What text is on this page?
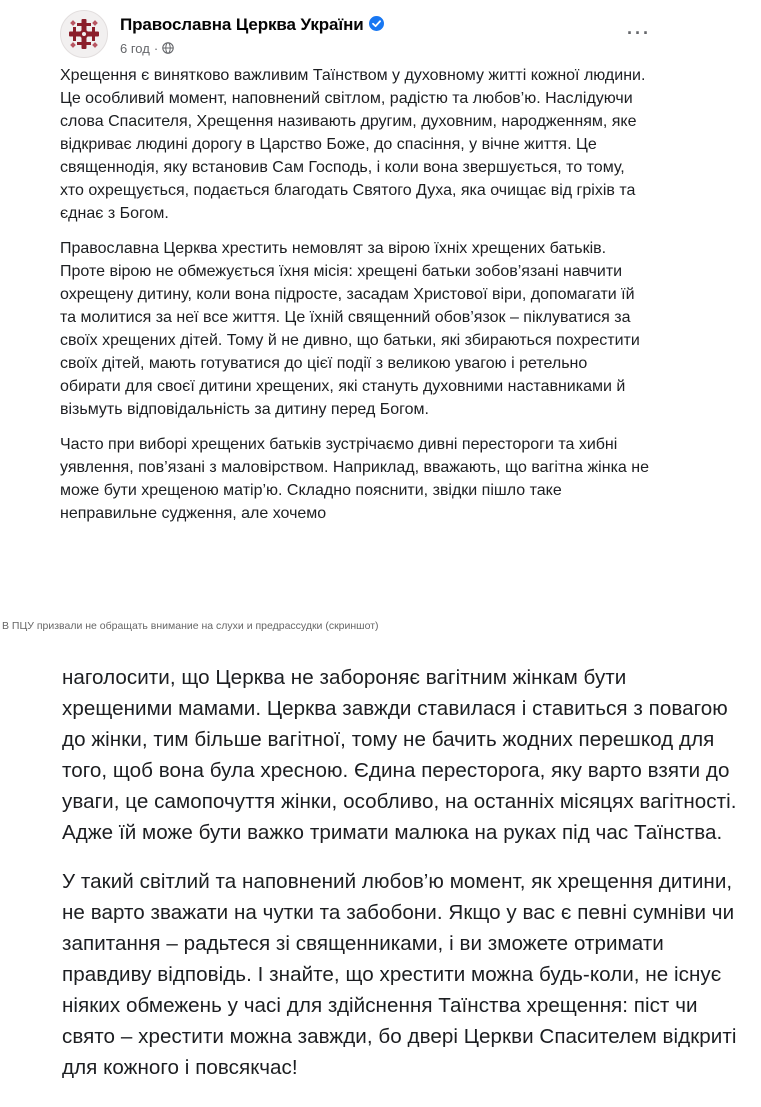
Православна Церква України
6 год ·
···

Хрещення є винятково важливим Таїнством у духовному житті кожної людини. Це особливий момент, наповнений світлом, радістю та любов’ю. Наслідуючи слова Спасителя, Хрещення називають другим, духовним, народженням, яке відкриває людині дорогу в Царство Боже, до спасіння, у вічне життя. Це священнодія, яку встановив Сам Господь, і коли вона звершується, то тому, хто охрещується, подається благодать Святого Духа, яка очищає від гріхів та єднає з Богом.

Православна Церква хрестить немовлят за вірою їхніх хрещених батьків. Проте вірою не обмежується їхня місія: хрещені батьки зобов’язані навчити охрещену дитину, коли вона підросте, засадам Христової віри, допомагати їй та молитися за неї все життя. Це їхній священний обов’язок – піклуватися за своїх хрещених дітей. Тому й не дивно, що батьки, які збираються похрестити своїх дітей, мають готуватися до цієї події з великою увагою і ретельно обирати для своєї дитини хрещених, які стануть духовними наставниками й візьмуть відповідальність за дитину перед Богом.

Часто при виборі хрещених батьків зустрічаємо дивні перестороги та хибні уявлення, пов’язані з маловірством. Наприклад, вважають, що вагітна жінка не може бути хрещеною матір’ю. Складно пояснити, звідки пішло таке неправильне судження, але хочемо

В ПЦУ призвали не обращать внимание на слухи и предрассудки (скриншот)

наголосити, що Церква не забороняє вагітним жінкам бути хрещеними мамами. Церква завжди ставилася і ставиться з повагою до жінки, тим більше вагітної, тому не бачить жодних перешкод для того, щоб вона була хресною. Єдина пересторога, яку варто взяти до уваги, це самопочуття жінки, особливо, на останніх місяцях вагітності. Адже їй може бути важко тримати малюка на руках під час Таїнства.

У такий світлий та наповнений любов’ю момент, як хрещення дитини, не варто зважати на чутки та забобони. Якщо у вас є певні сумніви чи запитання – радьтеся зі священниками, і ви зможете отримати правдиву відповідь. І знайте, що хрестити можна будь-коли, не існує ніяких обмежень у часі для здійснення Таїнства хрещення: піст чи свято – хрестити можна завжди, бо двері Церкви Спасителем відкриті для кожного і повсякчас!
